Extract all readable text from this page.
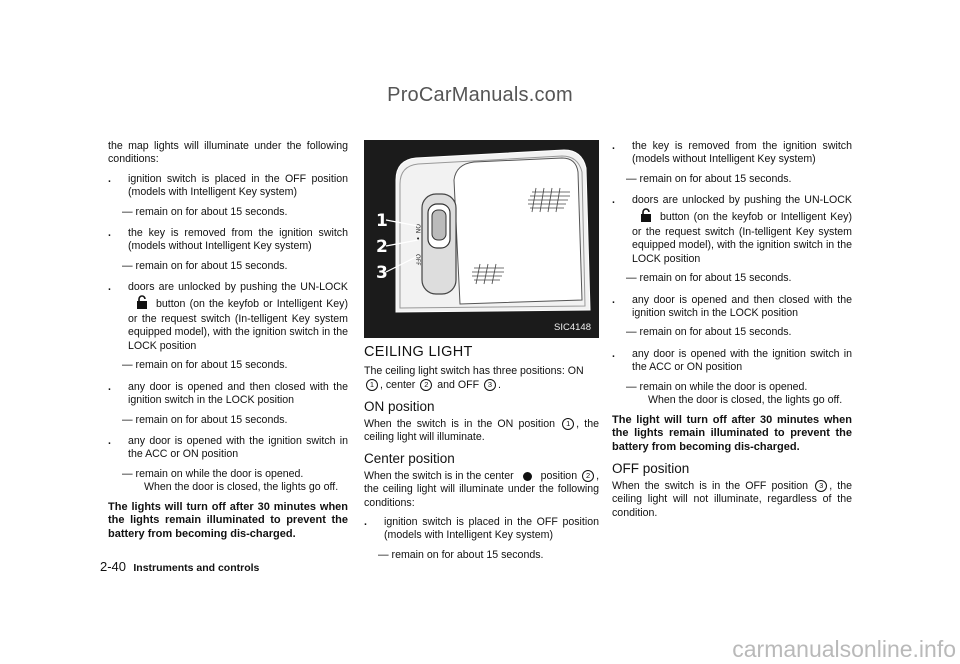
ProCarManuals.com

the map lights will illuminate under the following conditions:

. ignition switch is placed in the OFF position (models with Intelligent Key system)
— remain on for about 15 seconds.
. the key is removed from the ignition switch (models without Intelligent Key system)
— remain on for about 15 seconds.
. doors are unlocked by pushing the UN-LOCKbutton (on the keyfob or Intelligent Key) or the request switch (In-telligent Key system equipped model), with the ignition switch in the LOCK position
— remain on for about 15 seconds.
. any door is opened and then closed with the ignition switch in the LOCK position
— remain on for about 15 seconds.
. any door is opened with the ignition switch in the ACC or ON position
— remain on while the door is opened.
When the door is closed, the lights go off.

The lights will turn off after 30 minutes when the lights remain illuminated to prevent the battery from becoming dis-charged.

ON
•
OFF
1
2
3
SIC4148
CEILING LIGHT

The ceiling light switch has three positions: ON 1 , center 2 and OFF 3 .

ON position

When the switch is in the ON position 1 , the ceiling light will illuminate.

Center position

When the switch is in the center	position 2 , the ceiling light will illuminate under the following conditions:

. ignition switch is placed in the OFF position (models with Intelligent Key system)
— remain on for about 15 seconds.
. the key is removed from the ignition switch (models without Intelligent Key system)
— remain on for about 15 seconds.
. doors are unlocked by pushing the UN-LOCKbutton (on the keyfob or Intelligent Key) or the request switch (In-telligent Key system equipped model), with the ignition switch in the LOCK position
— remain on for about 15 seconds.
. any door is opened and then closed with the ignition switch in the LOCK position
— remain on for about 15 seconds.
. any door is opened with the ignition switch in the ACC or ON position
— remain on while the door is opened.
When the door is closed, the lights go off.

The light will turn off after 30 minutes when the lights remain illuminated to prevent the battery from becoming dis-charged.

OFF position

When the switch is in the OFF position 3 , the ceiling light will not illuminate, regardless of the condition.

2-40 Instruments and controls
carmanualsonline.info
